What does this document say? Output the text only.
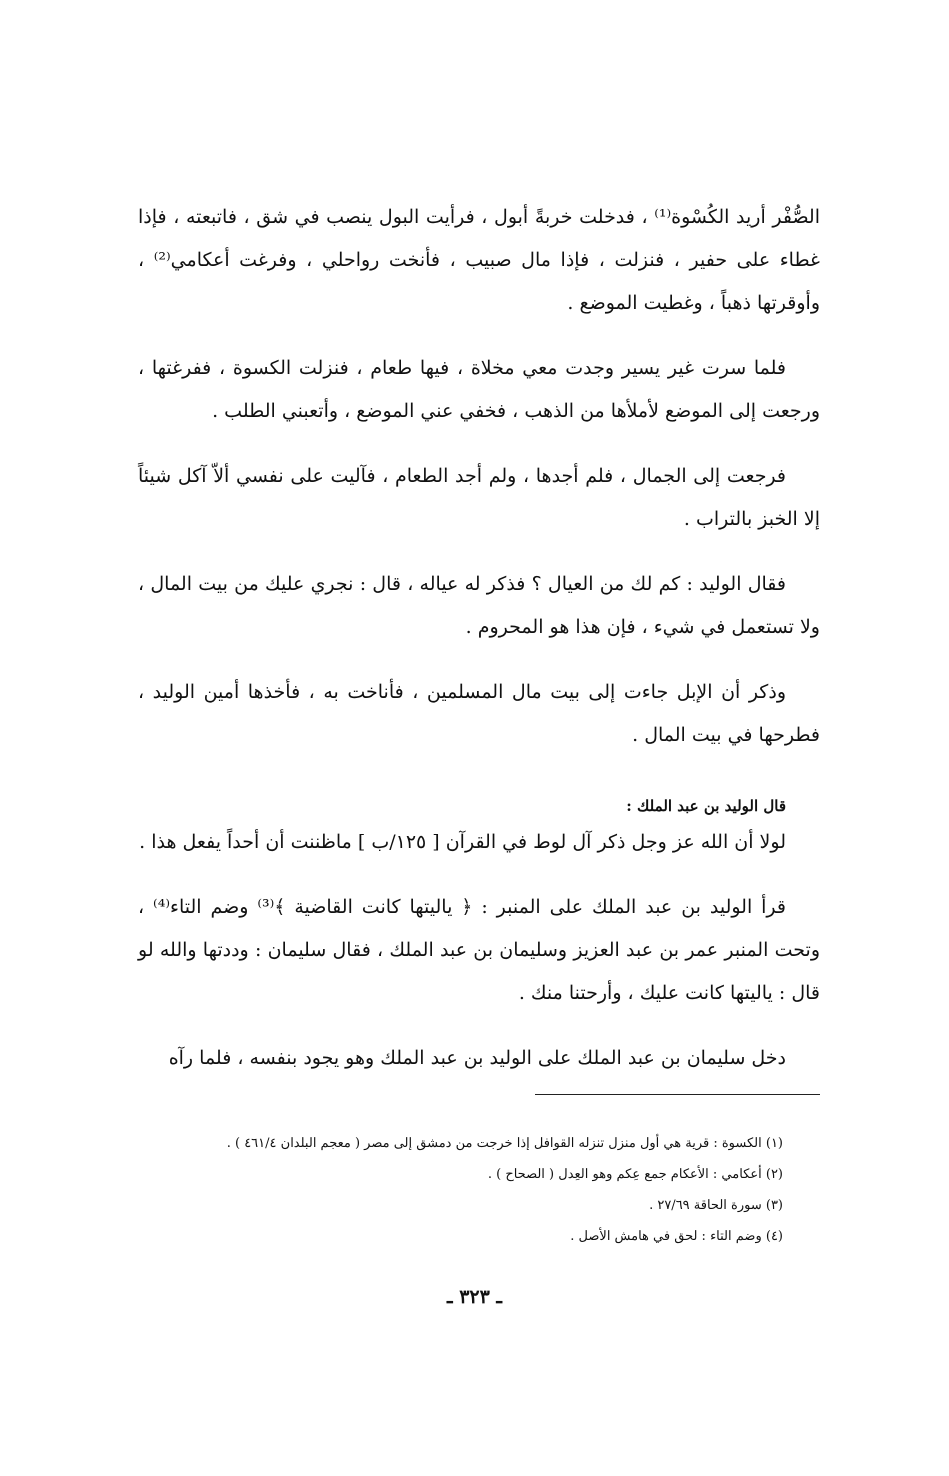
الصُّفْر أريد الكُسْوة⁽¹⁾ ، فدخلت خربةً أبول ، فرأيت البول ينصب في شق ، فاتبعته ، فإذا غطاء على حفير ، فنزلت ، فإذا مال صبيب ، فأنخت رواحلي ، وفرغت أعكامي⁽²⁾ ، وأوقرتها ذهباً ، وغطيت الموضع .

فلما سرت غير يسير وجدت معي مخلاة ، فيها طعام ، فنزلت الكسوة ، ففرغتها ، ورجعت إلى الموضع لأملأها من الذهب ، فخفي عني الموضع ، وأتعبني الطلب .

فرجعت إلى الجمال ، فلم أجدها ، ولم أجد الطعام ، فآليت على نفسي ألاّ آكل شيئاً إلا الخبز بالتراب .

فقال الوليد : كم لك من العيال ؟ فذكر له عياله ، قال : نجري عليك من بيت المال ، ولا تستعمل في شيء ، فإن هذا هو المحروم .

وذكر أن الإبل جاءت إلى بيت مال المسلمين ، فأناخت به ، فأخذها أمين الوليد ، فطرحها في بيت المال .

قال الوليد بن عبد الملك :

لولا أن الله عز وجل ذكر آل لوط في القرآن [ ١٢٥/ب ] ماظننت أن أحداً يفعل هذا .

قرأ الوليد بن عبد الملك على المنبر : ﴿ ياليتها كانت القاضية ﴾⁽³⁾ وضم التاء⁽⁴⁾ ، وتحت المنبر عمر بن عبد العزيز وسليمان بن عبد الملك ، فقال سليمان : وددتها والله لو قال : ياليتها كانت عليك ، وأرحتنا منك .

دخل سليمان بن عبد الملك على الوليد بن عبد الملك وهو يجود بنفسه ، فلما رآه

(١) الكسوة : قرية هي أول منزل تنزله القوافل إذا خرجت من دمشق إلى مصر ( معجم البلدان ٤٦١/٤ ) .
(٢) أعكامي : الأعكام جمع عِكم وهو العِدل ( الصحاح ) .
(٣) سورة الحاقة ٢٧/٦٩ .
(٤) وضم التاء : لحق في هامش الأصل .
ـ ٣٢٣ ـ
